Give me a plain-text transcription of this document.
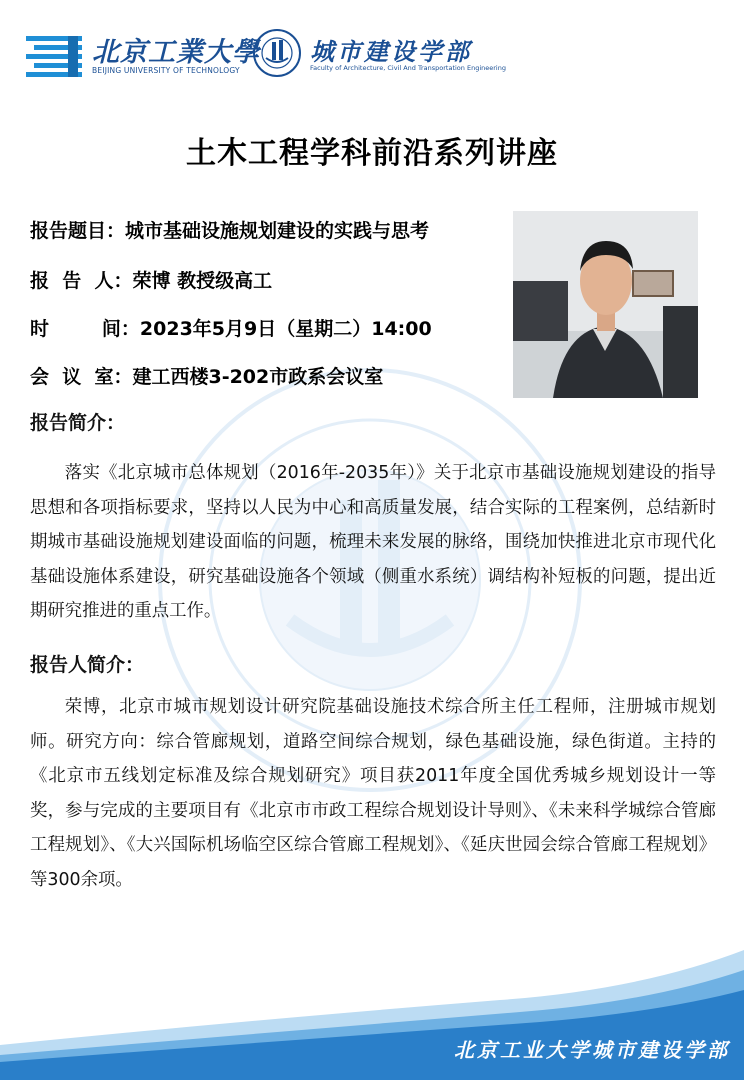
北京工業大學
BEIJING UNIVERSITY OF TECHNOLOGY
城市建设学部
Faculty of Architecture, Civil And Transportation Engineering
土木工程学科前沿系列讲座
报告题目：城市基础设施规划建设的实践与思考
报  告  人：荣博 教授级高工
时        间：2023年5月9日（星期二）14:00
会  议  室：建工西楼3-202市政系会议室
报告简介：

落实《北京城市总体规划（2016年-2035年）》关于北京市基础设施规划建设的指导思想和各项指标要求，坚持以人民为中心和高质量发展，结合实际的工程案例，总结新时期城市基础设施规划建设面临的问题，梳理未来发展的脉络，围绕加快推进北京市现代化基础设施体系建设，研究基础设施各个领域（侧重水系统）调结构补短板的问题，提出近期研究推进的重点工作。

报告人简介：

荣博，北京市城市规划设计研究院基础设施技术综合所主任工程师，注册城市规划师。研究方向：综合管廊规划，道路空间综合规划，绿色基础设施，绿色街道。主持的《北京市五线划定标准及综合规划研究》项目获2011年度全国优秀城乡规划设计一等奖，参与完成的主要项目有《北京市市政工程综合规划设计导则》、《未来科学城综合管廊工程规划》、《大兴国际机场临空区综合管廊工程规划》、《延庆世园会综合管廊工程规划》等300余项。

北京工业大学城市建设学部
